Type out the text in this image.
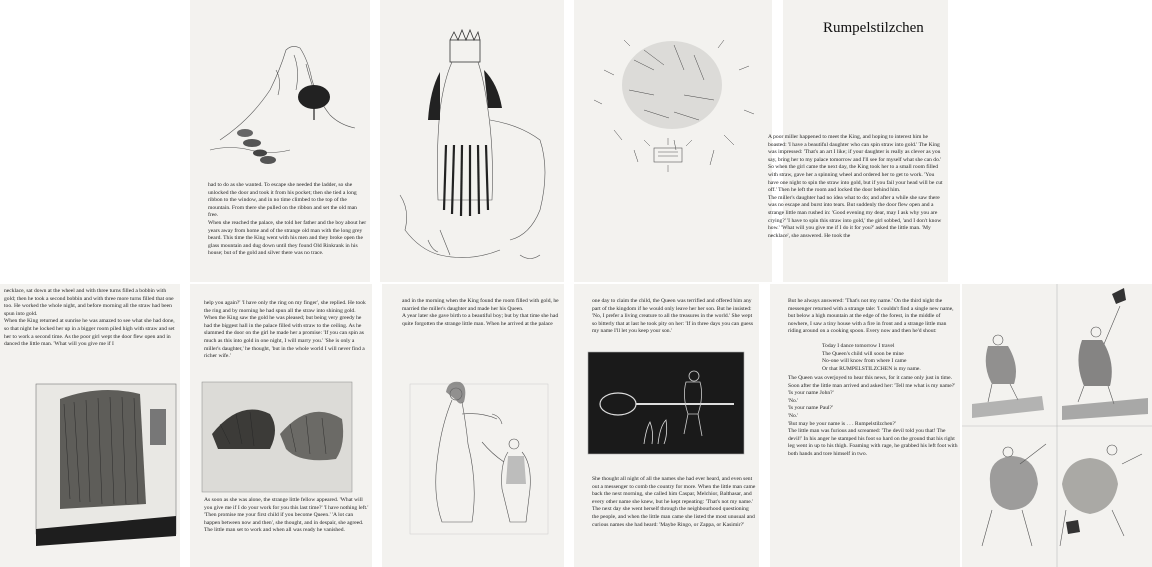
had to do as she wanted. To escape she needed the ladder, so she unlocked the door and took it from his pocket; then she tied a long ribbon to the window, and in no time climbed to the top of the mountain. From there she pulled on the ribbon and set the old man free.
When she reached the palace, she told her father and the boy about her years away from home and of the strange old man with the long grey beard. This time the King went with his men and they broke open the glass mountain and dug down until they found Old Rinkrank in his house; but of the gold and silver there was no trace.
Rumpelstilzchen
A poor miller happened to meet the King, and hoping to interest him he boasted: 'I have a beautiful daughter who can spin straw into gold.' The King was impressed: 'That's an art I like; if your daughter is really as clever as you say, bring her to my palace tomorrow and I'll see for myself what she can do.' So when the girl came the next day, the King took her to a small room filled with straw, gave her a spinning wheel and ordered her to get to work. 'You have one night to spin the straw into gold, but if you fail your head will be cut off.' Then he left the room and locked the door behind him.
The miller's daughter had no idea what to do; and after a while she saw there was no escape and burst into tears. But suddenly the door flew open and a strange little man rushed in: 'Good evening my dear, may I ask why you are crying?' 'I have to spin this straw into gold,' the girl sobbed, 'and I don't know how.' 'What will you give me if I do it for you?' asked the little man. 'My necklace', she answered. He took the
necklace, sat down at the wheel and with three turns filled a bobbin with gold; then he took a second bobbin and with three more turns filled that one too. He worked the whole night, and before morning all the straw had been spun into gold.
When the King returned at sunrise he was amazed to see what she had done, so that night he locked her up in a bigger room piled high with straw and set her to work a second time. As the poor girl wept the door flew open and in danced the little man. 'What will you give me if I
help you again?' 'I have only the ring on my finger', she replied. He took the ring and by morning he had spun all the straw into shining gold.
When the King saw the gold he was pleased; but being very greedy he had the biggest hall in the palace filled with straw to the ceiling. As he slammed the door on the girl he made her a promise: 'If you can spin as much as this into gold in one night, I will marry you.' 'She is only a miller's daughter,' he thought, 'but in the whole world I will never find a richer wife.'
As soon as she was alone, the strange little fellow appeared. 'What will you give me if I do your work for you this last time?' 'I have nothing left.' 'Then promise me your first child if you become Queen.' 'A lot can happen between now and then', she thought, and in despair, she agreed. The little man set to work and when all was ready he vanished.
and in the morning when the King found the room filled with gold, he married the miller's daughter and made her his Queen.
A year later she gave birth to a beautiful boy; but by that time she had quite forgotten the strange little man. When he arrived at the palace
one day to claim the child, the Queen was terrified and offered him any part of the kingdom if he would only leave her her son. But he insisted: 'No, I prefer a living creature to all the treasures in the world.' She wept so bitterly that at last he took pity on her: 'If in three days you can guess my name I'll let you keep your son.'
She thought all night of all the names she had ever heard, and even sent out a messenger to comb the country for more. When the little man came back the next morning, she called him Caspar, Melchior, Balthasar, and every other name she knew, but he kept repeating: 'That's not my name.'
The next day she went herself through the neighbourhood questioning the people, and when the little man came she listed the most unusual and curious names she had heard: 'Maybe Ringo, or Zappa, or Kasimir?'
But he always answered: 'That's not my name.' On the third night the messenger returned with a strange tale: 'I couldn't find a single new name, but below a high mountain at the edge of the forest, in the middle of nowhere, I saw a tiny house with a fire in front and a strange little man riding around on a cooking spoon. Every now and then he'd shout:
Today I dance tomorrow I travel
The Queen's child will soon be mine
No-one will know from where I came
Or that RUMPELSTILZCHEN is my name.
The Queen was overjoyed to hear this news, for it came only just in time. Soon after the little man arrived and asked her: 'Tell me what is my name?'
'Is your name John?'
'No.'
'Is your name Paul?'
'No.'
'But may be your name is . . . Rumpelstilzchen?'
The little man was furious and screamed: 'The devil told you that! The devil!' In his anger he stamped his foot so hard on the ground that his right leg went in up to his thigh. Foaming with rage, he grabbed his left foot with both hands and tore himself in two.
